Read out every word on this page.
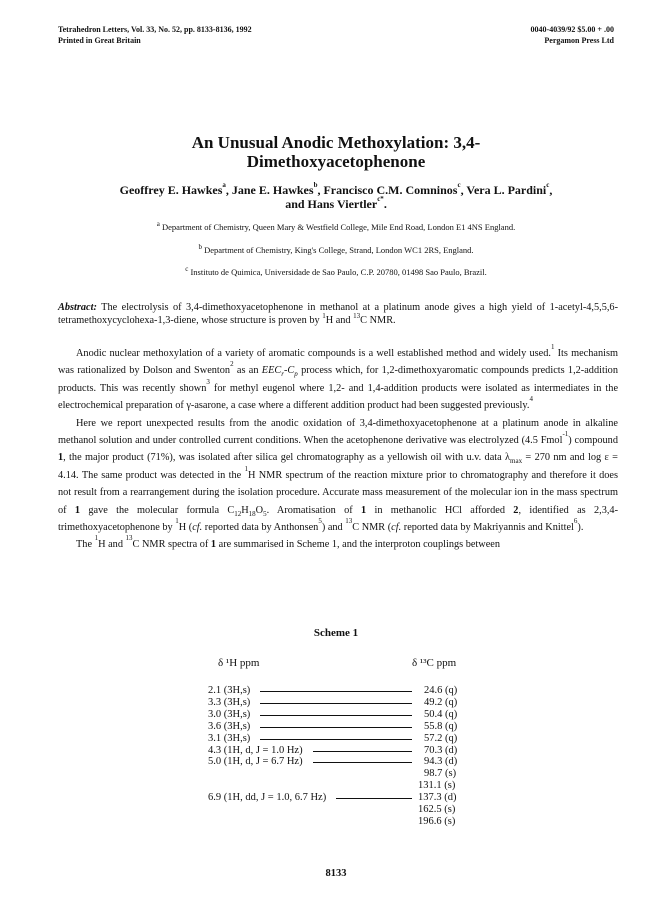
Tetrahedron Letters, Vol. 33, No. 52, pp. 8133-8136, 1992
Printed in Great Britain
0040-4039/92 $5.00 + .00
Pergamon Press Ltd
An Unusual Anodic Methoxylation: 3,4-
Dimethoxyacetophenone
Geoffrey E. Hawkes$^a$, Jane E. Hawkes$^b$, Francisco C.M. Comninos$^c$, Vera L. Pardini$^c$,
and Hans Viertler$^{c*}$.
$^a$ Department of Chemistry, Queen Mary & Westfield College, Mile End Road, London E1 4NS England.
$^b$ Department of Chemistry, King's College, Strand, London WC1 2RS, England.
$^c$ Instituto de Quimica, Universidade de Sao Paulo, C.P. 20780, 01498 Sao Paulo, Brazil.
Abstract: The electrolysis of 3,4-dimethoxyacetophenone in methanol at a platinum anode gives a high yield of 1-acetyl-4,5,5,6-tetramethoxycyclohexa-1,3-diene, whose structure is proven by $^1$H and $^{13}$C NMR.

Anodic nuclear methoxylation of a variety of aromatic compounds is a well established method and widely used.$^1$ Its mechanism was rationalized by Dolson and Swenton$^2$ as an $EEC_r-C_p$ process which, for 1,2-dimethoxyaromatic compounds predicts 1,2-addition products. This was recently shown$^3$ for methyl eugenol where 1,2- and 1,4-addition products were isolated as intermediates in the electrochemical preparation of γ-asarone, a case where a different addition product had been suggested previously.$^4$

Here we report unexpected results from the anodic oxidation of 3,4-dimethoxyacetophenone at a platinum anode in alkaline methanol solution and under controlled current conditions. When the acetophenone derivative was electrolyzed (4.5 Fmol$^{-1}$) compound 1, the major product (71%), was isolated after silica gel chromatography as a yellowish oil with u.v. data $\lambda_{max} = 270$ nm and log ε = 4.14. The same product was detected in the $^1$H NMR spectrum of the reaction mixture prior to chromatography and therefore it does not result from a rearrangement during the isolation procedure. Accurate mass measurement of the molecular ion in the mass spectrum of 1 gave the molecular formula $C_{12}H_{18}O_5$. Aromatisation of 1 in methanolic HCl afforded 2, identified as 2,3,4-trimethoxyacetophenone by $^1$H (cf. reported data by Anthonsen$^5$) and $^{13}$C NMR (cf. reported data by Makriyannis and Knittel$^6$).

The $^1$H and $^{13}$C NMR spectra of 1 are summarised in Scheme 1, and the interproton couplings between

Scheme 1
δ ¹H ppm	δ ¹³C ppm
24.6 (q)
49.2 (q)
50.4 (q)
55.8 (q)
57.2 (q)
70.3 (d)
94.3 (d)
98.7 (s)
131.1 (s)
137.3 (d)
162.5 (s)
196.6 (s)
2.1 (3H,s)
3.3 (3H,s)
3.0 (3H,s)
3.6 (3H,s)
3.1 (3H,s)
4.3 (1H, d, J = 1.0 Hz)
5.0 (1H, d, J = 6.7 Hz)
6.9 (1H, dd, J = 1.0, 6.7 Hz)
8133
